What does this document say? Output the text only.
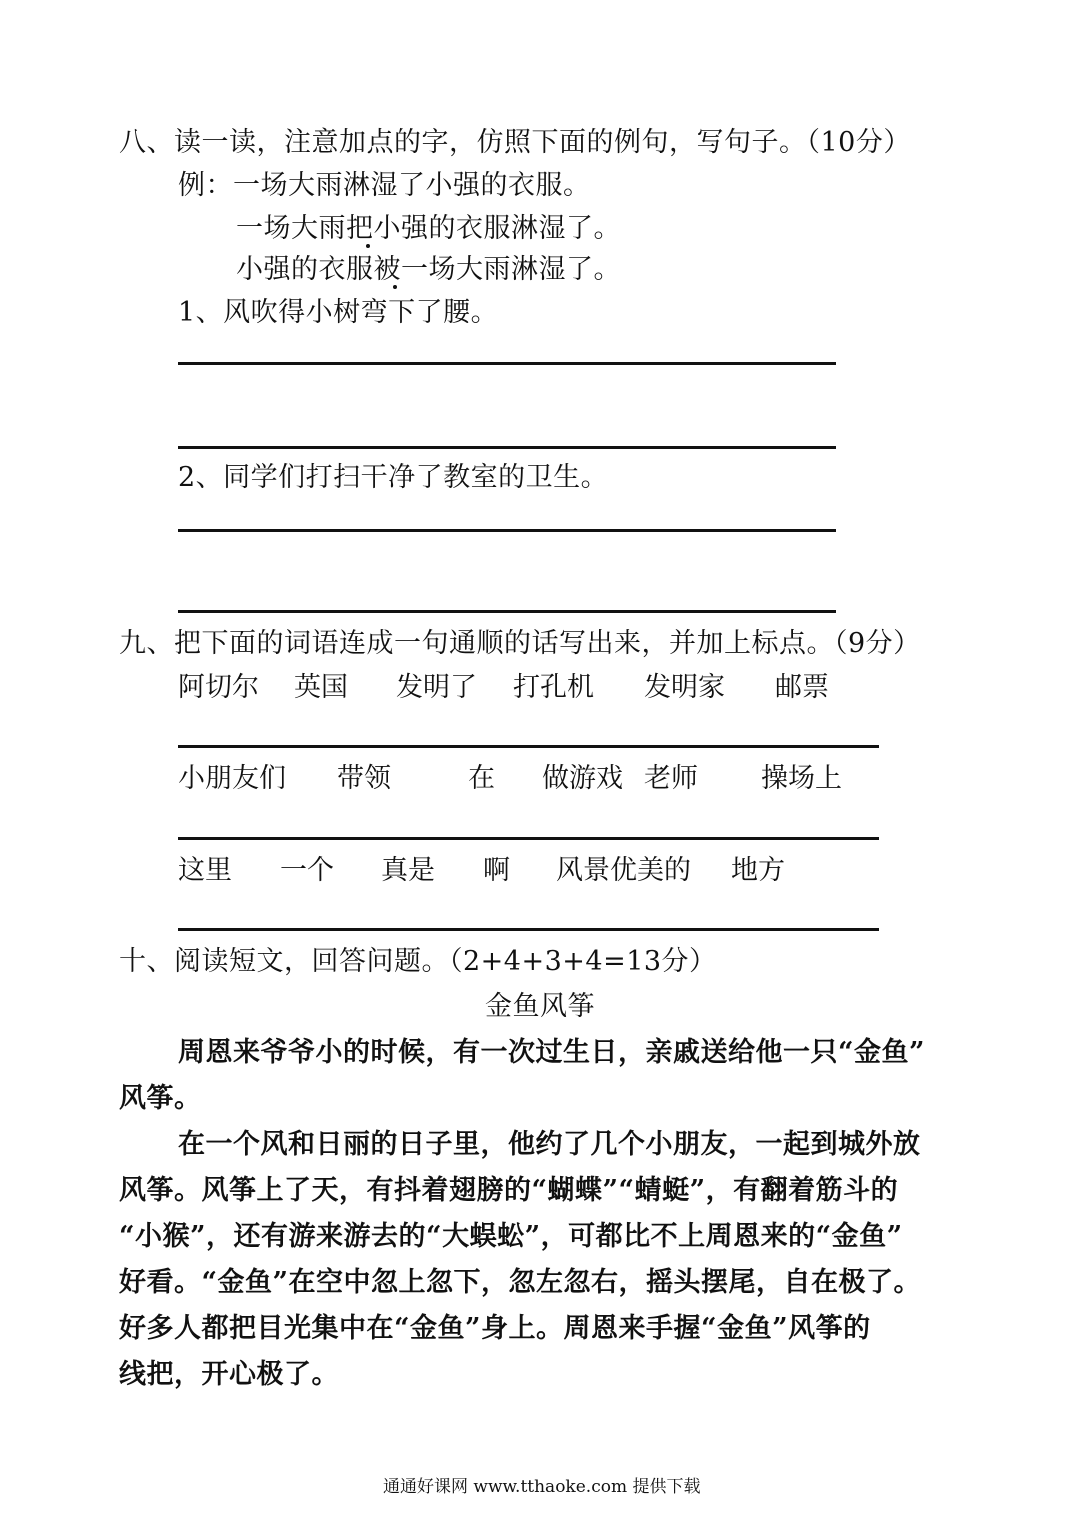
八、读一读，注意加点的字，仿照下面的例句，写句子。（10分）
例：一场大雨淋湿了小强的衣服。
一场大雨把小强的衣服淋湿了。
小强的衣服被一场大雨淋湿了。
1、风吹得小树弯下了腰。
2、同学们打扫干净了教室的卫生。
九、把下面的词语连成一句通顺的话写出来，并加上标点。（9分）
阿切尔 英国 发明了 打孔机 发明家 邮票
小朋友们 带领	在 做游戏 老师 操场上
这里 一个 真是 啊 风景优美的 地方
十、阅读短文，回答问题。（2+4+3+4=13分）
金鱼风筝
周恩来爷爷小的时候，有一次过生日，亲戚送给他一只“金鱼”
风筝。
在一个风和日丽的日子里，他约了几个小朋友，一起到城外放
风筝。风筝上了天，有抖着翅膀的“蝴蝶”“蜻蜓”，有翻着筋斗的
“小猴”，还有游来游去的“大蜈蚣”，可都比不上周恩来的“金鱼”
好看。“金鱼”在空中忽上忽下，忽左忽右，摇头摆尾，自在极了。
好多人都把目光集中在“金鱼”身上。周恩来手握“金鱼”风筝的
线把，开心极了。
通通好课网 www.tthaoke.com 提供下载
